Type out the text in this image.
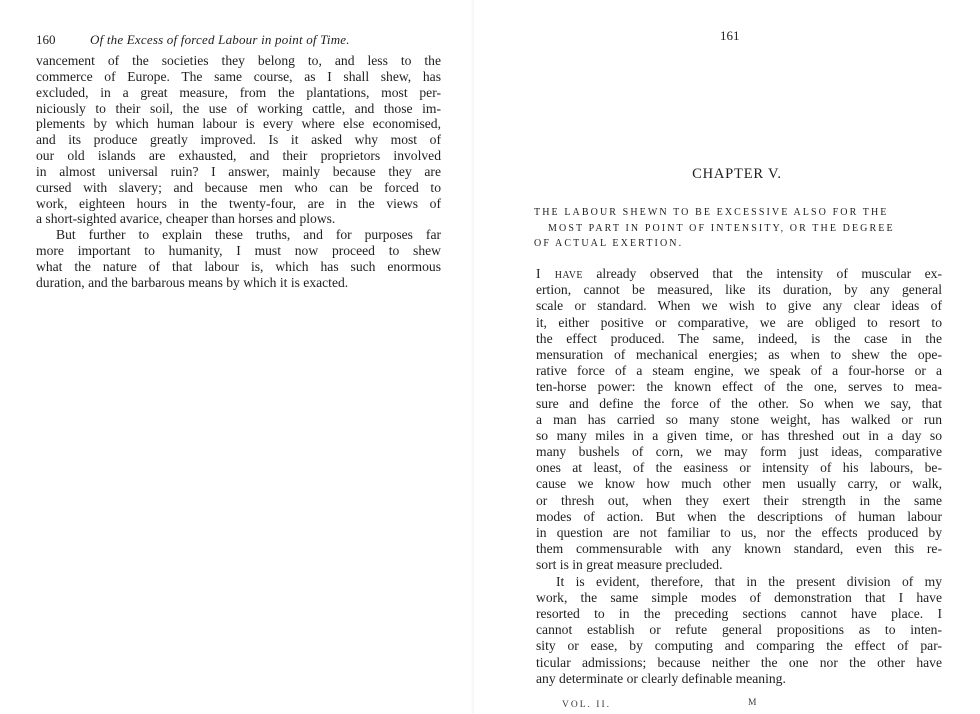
160	Of the Excess of forced Labour in point of Time.
vancement of the societies they belong to, and less to the
commerce of Europe. The same course, as I shall shew, has
excluded, in a great measure, from the plantations, most per-
niciously to their soil, the use of working cattle, and those im-
plements by which human labour is every where else economised,
and its produce greatly improved. Is it asked why most of
our old islands are exhausted, and their proprietors involved
in almost universal ruin? I answer, mainly because they are
cursed with slavery; and because men who can be forced to
work, eighteen hours in the twenty-four, are in the views of
a short-sighted avarice, cheaper than horses and plows.
But further to explain these truths, and for purposes far
more important to humanity, I must now proceed to shew
what the nature of that labour is, which has such enormous
duration, and the barbarous means by which it is exacted.
161
CHAPTER V.
THE LABOUR SHEWN TO BE EXCESSIVE ALSO FOR THE
MOST PART IN POINT OF INTENSITY, OR THE DEGREE
OF ACTUAL EXERTION.
I have already observed that the intensity of muscular ex-
ertion, cannot be measured, like its duration, by any general
scale or standard. When we wish to give any clear ideas of
it, either positive or comparative, we are obliged to resort to
the effect produced. The same, indeed, is the case in the
mensuration of mechanical energies; as when to shew the ope-
rative force of a steam engine, we speak of a four-horse or a
ten-horse power: the known effect of the one, serves to mea-
sure and define the force of the other. So when we say, that
a man has carried so many stone weight, has walked or run
so many miles in a given time, or has threshed out in a day so
many bushels of corn, we may form just ideas, comparative
ones at least, of the easiness or intensity of his labours, be-
cause we know how much other men usually carry, or walk,
or thresh out, when they exert their strength in the same
modes of action. But when the descriptions of human labour
in question are not familiar to us, nor the effects produced by
them commensurable with any known standard, even this re-
sort is in great measure precluded.
It is evident, therefore, that in the present division of my
work, the same simple modes of demonstration that I have
resorted to in the preceding sections cannot have place. I
cannot establish or refute general propositions as to inten-
sity or ease, by computing and comparing the effect of par-
ticular admissions; because neither the one nor the other have
any determinate or clearly definable meaning.
VOL. II.	M
